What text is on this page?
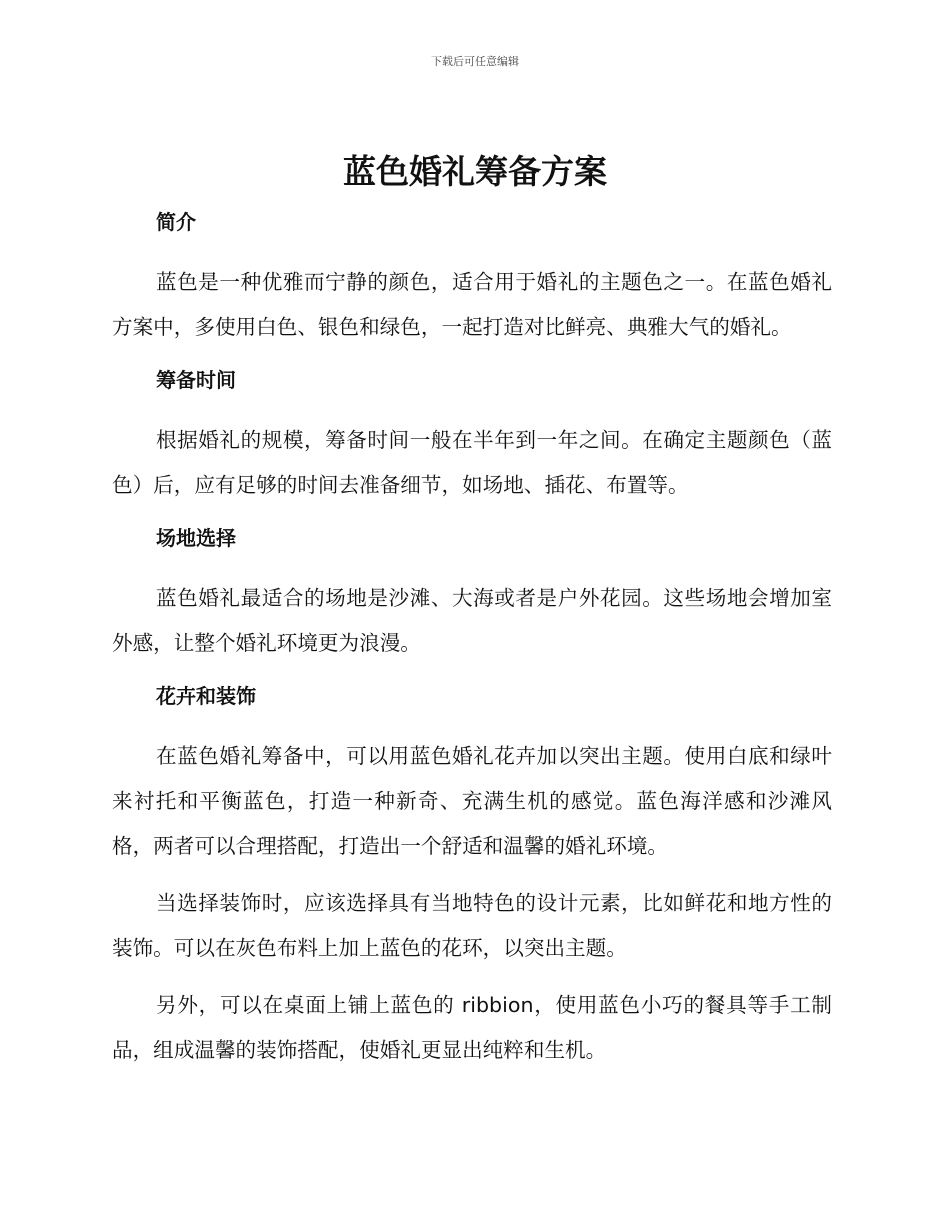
下载后可任意编辑
蓝色婚礼筹备方案
简介

蓝色是一种优雅而宁静的颜色，适合用于婚礼的主题色之一。在蓝色婚礼方案中，多使用白色、银色和绿色，一起打造对比鲜亮、典雅大气的婚礼。

筹备时间

根据婚礼的规模，筹备时间一般在半年到一年之间。在确定主题颜色（蓝色）后，应有足够的时间去准备细节，如场地、插花、布置等。

场地选择

蓝色婚礼最适合的场地是沙滩、大海或者是户外花园。这些场地会增加室外感，让整个婚礼环境更为浪漫。

花卉和装饰

在蓝色婚礼筹备中，可以用蓝色婚礼花卉加以突出主题。使用白底和绿叶来衬托和平衡蓝色，打造一种新奇、充满生机的感觉。蓝色海洋感和沙滩风格，两者可以合理搭配，打造出一个舒适和温馨的婚礼环境。

当选择装饰时，应该选择具有当地特色的设计元素，比如鲜花和地方性的装饰。可以在灰色布料上加上蓝色的花环，以突出主题。

另外，可以在桌面上铺上蓝色的 ribbion，使用蓝色小巧的餐具等手工制品，组成温馨的装饰搭配，使婚礼更显出纯粹和生机。
